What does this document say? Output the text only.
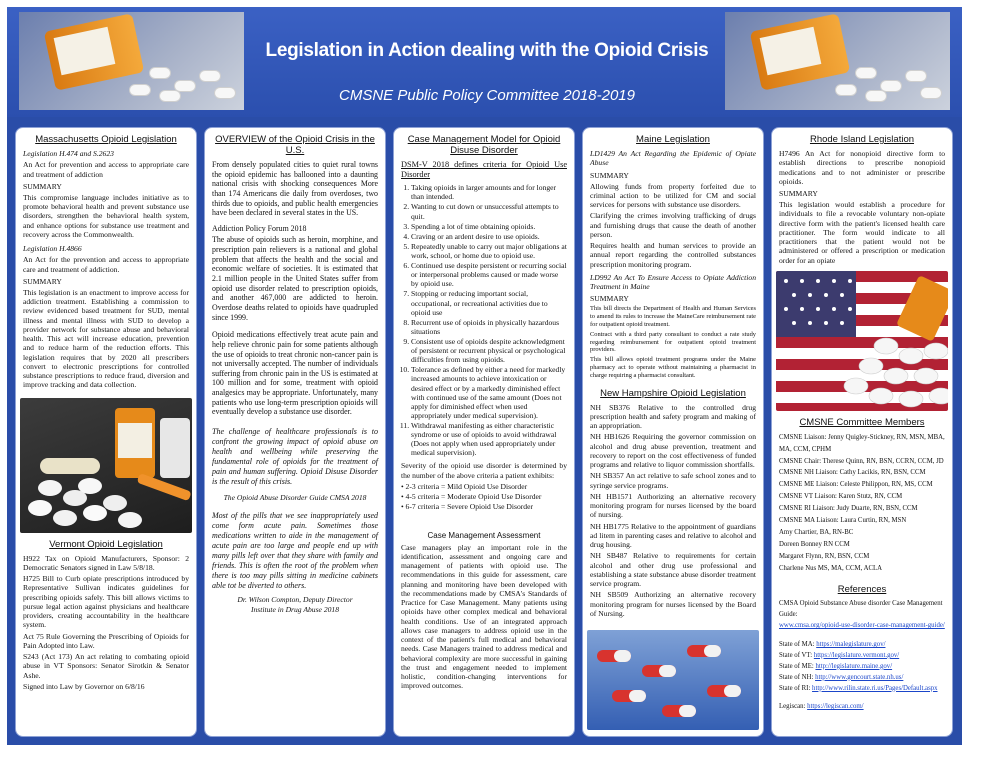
Legislation in Action dealing with the Opioid Crisis
CMSNE Public Policy Committee 2018-2019
Massachusetts Opioid Legislation
Legislation H.474 and S.2623
An Act for prevention and access to appropriate care and treatment of addiction
SUMMARY
This compromise language includes initiative as to promote behavioral health and prevent substance use disorders, strengthen the behavioral health system, and enhance options for substance use treatment and recovery across the Commonwealth.
Legislation H.4866
An Act for the prevention and access to appropriate care and treatment of addiction.
SUMMARY
This legislation is an enactment to improve access for addiction treatment. Establishing a commission to review evidenced based treatment for SUD, mental illness and mental illness with SUD to develop a provider network for substance abuse and behavioral health. This act will increase education, prevention and to reduce harm of the reduction efforts. This legislation requires that by 2020 all prescribers convert to electronic prescriptions for controlled substance prescriptions to reduce fraud, diversion and improve tracking and data collection.
Vermont Opioid Legislation
H922 Tax on Opioid Manufacturers, Sponsor: 2 Democratic Senators signed in Law 5/8/18.
H725 Bill to Curb opiate prescriptions introduced by Representative Sullivan indicates guidelines for prescribing opioids safely. This bill allows victims to pursue legal action against physicians and healthcare providers, creating accountability in the healthcare system.
Act 75 Rule Governing the Prescribing of Opioids for Pain Adopted into Law.
S243 (Act 173) An act relating to combating opioid abuse in VT Sponsors: Senator Sirotkin & Senator Ashe.
Signed into Law by Governor on 6/8/16
OVERVIEW of the Opioid Crisis in the U.S.
From densely populated cities to quiet rural towns the opioid epidemic has ballooned into a daunting national crisis with shocking consequences More than 174 Americans die daily from overdoses, two thirds due to opioids, and public health emergencies have been declared in several states in the US.
Addiction Policy Forum 2018
The abuse of opioids such as heroin, morphine, and prescription pain relievers is a national and global problem that affects the health and the social and economic welfare of societies. It is estimated that 2.1 million people in the United States suffer from opioid use disorder related to prescription opioids, and another 467,000 are addicted to heroin. Overdose deaths related to opioids have quadrupled since 1999.
Opioid medications effectively treat acute pain and help relieve chronic pain for some patients although the use of opioids to treat chronic non-cancer pain is not universally accepted. The number of individuals suffering from chronic pain in the US is estimated at 100 million and for some, treatment with opioid analgesics may be appropriate. Unfortunately, many patients who use long-term prescription opioids will eventually develop a substance use disorder.
The challenge of healthcare professionals is to confront the growing impact of opioid abuse on health and wellbeing while preserving the fundamental role of opioids for the treatment of pain and human suffering. Opioid Disuse Disorder is the result of this crisis.
The Opioid Abuse Disorder Guide CMSA 2018
Most of the pills that we see inappropriately used come form acute pain. Sometimes those medications written to aide in the management of acute pain are too large and people end up with many pills left over that they share with family and friends. This is often the root of the problem when there is too may pills sitting in medicine cabinets able tot be diverted to others.
Dr. Wilson Compton, Deputy Director
Institute in Drug Abuse 2018
Case Management Model for Opioid Disuse Disorder
DSM-V 2018 defines criteria for Opioid Use Disorder
1. Taking opioids in larger amounts and for longer than intended.
2. Wanting to cut down or unsuccessful attempts to quit.
3. Spending a lot of time obtaining opioids.
4. Craving or an ardent desire to use opioids.
5. Repeatedly unable to carry out major obligations at work, school, or home due to opioid use.
6. Continued use despite persistent or recurring social or interpersonal problems caused or made worse by opioid use.
7. Stopping or reducing important social, occupational, or recreational activities due to opioid use
8. Recurrent use of opioids in physically hazardous situations
9. Consistent use of opioids despite acknowledgment of persistent or recurrent physical or psychological difficulties from using opioids.
10. Tolerance as defined by either a need for markedly increased amounts to achieve intoxication or desired effect or by a markedly diminished effect with continued use of the same amount (Does not apply for diminished effect when used appropriately under medical supervision).
11. Withdrawal manifesting as either characteristic syndrome or use of opioids to avoid withdrawal (Does not apply when used appropriately under medical supervision).
Severity of the opioid use disorder is determined by the number of the above criteria a patient exhibits:
• 2-3 criteria = Mild Opioid Use Disorder
• 4-5 criteria = Moderate Opioid Use Disorder
• 6-7 criteria = Severe Opioid Use Disorder
Case Management Assessment
Case managers play an important role in the identification, assessment and ongoing care and management of patients with opioid use. The recommendations in this guide for assessment, care planning and monitoring have been developed with the recommendations made by CMSA's Standards of Practice for Case Management. Many patients using opioids have other complex medical and behavioral health conditions. Use of an integrated approach allows case managers to address opioid use in the context of the patient's full medical and behavioral needs. Case Managers trained to address medical and behavioral complexity are more successful in gaining the trust and engagement needed to implement holistic, condition-changing interventions for improved outcomes.
Maine Legislation
LD1429 An Act Regarding the Epidemic of Opiate Abuse
SUMMARY
Allowing funds from property forfeited due to criminal action to be utilized for CM and social services for persons with substance use disorders.
Clarifying the crimes involving trafficking of drugs and furnishing drugs that cause the death of another person.
Requires health and human services to provide an annual report regarding the controlled substances prescription monitoring program.
LD992 An Act To Ensure Access to Opiate Addiction Treatment in Maine
SUMMARY
This bill directs the Department of Health and Human Services to amend its rules to increase the MaineCare reimbursement rate for outpatient opioid treatment.
Contract with a third party consultant to conduct a rate study regarding reimbursement for outpatient opioid treatment providers.
This bill allows opioid treatment programs under the Maine pharmacy act to operate without maintaining a pharmacist in charge requiring a pharmacist consultant.
New Hampshire Opioid Legislation
NH SB376 Relative to the controlled drug prescription health and safety program and making of an appropriation.
NH HB1626 Requiring the governor commission on alcohol and drug abuse prevention, treatment and recovery to report on the cost effectiveness of funded programs and relative to liquor commission shortfalls.
NH SB357 An act relative to safe school zones and to syringe service programs.
NH HB1571 Authorizing an alternative recovery monitoring program for nurses licensed by the board of nursing.
NH HB1775 Relative to the appointment of guardians ad litem in parenting cases and relative to alcohol and drug housing.
NH SB487 Relative to requirements for certain alcohol and other drug use professional and establishing a state substance abuse disorder treatment service program.
NH SB509 Authorizing an alternative recovery monitoring program for nurses licensed by the Board of Nursing.
Rhode Island Legislation
H7496 An Act for nonopioid directive form to establish directions to prescribe nonopioid medications and to not administer or prescribe opioids.
SUMMARY
This legislation would establish a procedure for individuals to file a revocable voluntary non-opiate directive form with the patient's licensed health care practitioner. The form would indicate to all practitioners that the patient would not be administered or offered a prescription or medication order for an opiate
CMSNE Committee Members
CMSNE Liaison: Jenny Quigley-Stickney, RN, MSN, MBA, MA, CCM, CPHM
CMSNE Chair: Therese Quinn, RN, BSN, CCRN, CCM, JD
CMSNE NH Liaison: Cathy Lacikis, RN, BSN, CCM
CMSNE ME Liaison: Celeste Philippon, RN, MS, CCM
CMSNE VT Liaison: Karen Stutz, RN, CCM
CMSNE RI Liaison: Judy Duarte, RN, BSN, CCM
CMSNE MA Liaison: Laura Curtin, RN, MSN
Amy Chartier, BA, RN-BC
Doreen Bonney RN CCM
Margaret Flynn, RN, BSN, CCM
Charlene Nus MS, MA, CCM, ACLA
References
CMSA Opioid Substance Abuse disorder Case Management Guide:
www.cmsa.org/opioid-use-disorder-case-management-guide/
State of MA: https://malegislature.gov/
State of VT: https://legislature.vermont.gov/
State of ME: http://legislature.maine.gov/
State of NH: http://www.gencourt.state.nh.us/
State of RI: http://www.rilin.state.ri.us/Pages/Default.aspx
Legiscan: https://legiscan.com/
